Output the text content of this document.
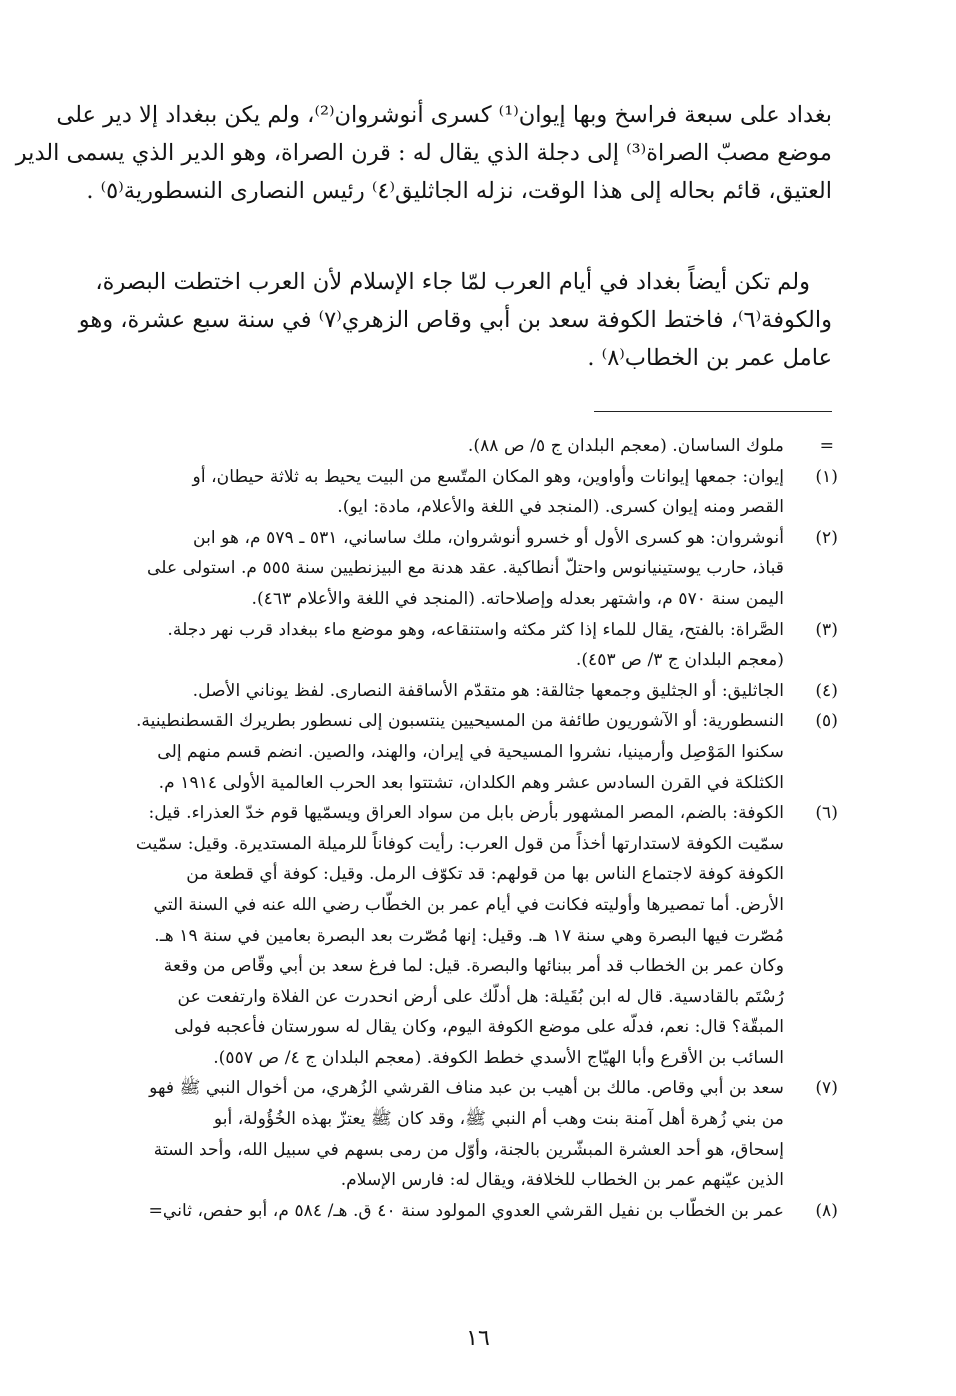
بغداد على سبعة فراسخ وبها إيوان⁽¹⁾ كسرى أنوشروان⁽²⁾، ولم يكن ببغداد إلا دير على
موضع مصبّ الصراة⁽³⁾ إلى دجلة الذي يقال له : قرن الصراة، وهو الدير الذي يسمى الدير
العتيق، قائم بحاله إلى هذا الوقت، نزله الجاثليق⁽٤⁾ رئيس النصارى النسطورية⁽٥⁾ .
ولم تكن أيضاً بغداد في أيام العرب لمّا جاء الإسلام لأن العرب اختطت البصرة،
والكوفة⁽٦⁾، فاختط الكوفة سعد بن أبي وقاص الزهري⁽٧⁾ في سنة سبع عشرة، وهو
عامل عمر بن الخطاب⁽٨⁾ .
=
ملوك الساسان. (معجم البلدان ج ٥/ ص ٨٨).
(١)
إيوان: جمعها إيوانات وأواوين، وهو المكان المتّسع من البيت يحيط به ثلاثة حيطان، أو
القصر ومنه إيوان كسرى. (المنجد في اللغة والأعلام، مادة: ايو).
(٢)
أنوشروان: هو كسرى الأول أو خسرو أنوشروان، ملك ساساني، ٥٣١ ـ ٥٧٩ م، هو ابن
قباذ، حارب يوستينيانوس واحتلّ أنطاكية. عقد هدنة مع البيزنطيين سنة ٥٥٥ م. استولى على
اليمن سنة ٥٧٠ م، واشتهر بعدله وإصلاحاته. (المنجد في اللغة والأعلام ٤٦٣).
(٣)
الصَّراة: بالفتح، يقال للماء إذا كثر مكثه واستنقاعه، وهو موضع ماء ببغداد قرب نهر دجلة.
(معجم البلدان ج ٣/ ص ٤٥٣).
(٤)
الجاثليق: أو الجثليق وجمعها جثالقة: هو متقدّم الأساقفة النصارى. لفظ يوناني الأصل.
(٥)
النسطورية: أو الآشوريون طائفة من المسيحيين ينتسبون إلى نسطور بطريرك القسطنطينية.
سكنوا المَوْصِل وأرمينيا، نشروا المسيحية في إيران، والهند، والصين. انضم قسم منهم إلى
الكثلكة في القرن السادس عشر وهم الكلدان، تشتتوا بعد الحرب العالمية الأولى ١٩١٤ م.
(٦)
الكوفة: بالضم، المصر المشهور بأرض بابل من سواد العراق ويسمّيها قوم خدّ العذراء. قيل:
سمّيت الكوفة لاستدارتها أخذاً من قول العرب: رأيت كوفاناً للرميلة المستديرة. وقيل: سمّيت
الكوفة كوفة لاجتماع الناس بها من قولهم: قد تكوّف الرمل. وقيل: كوفة أي قطعة من
الأرض. أما تمصيرها وأوليته فكانت في أيام عمر بن الخطّاب رضي الله عنه في السنة التي
مُصّرت فيها البصرة وهي سنة ١٧ هـ. وقيل: إنها مُصّرت بعد البصرة بعامين في سنة ١٩ هـ.
وكان عمر بن الخطاب قد أمر ببنائها والبصرة. قيل: لما فرغ سعد بن أبي وقّاص من وقعة
رُسْتَم بالقادسية. قال له ابن بُقَيلة: هل أدلّك على أرض انحدرت عن الفلاة وارتفعت عن
المبقّة؟ قال: نعم، فدلّه على موضع الكوفة اليوم، وكان يقال له سورستان فأعجبه فولى
السائب بن الأقرع وأبا الهيّاج الأسدي خطط الكوفة. (معجم البلدان ج ٤/ ص ٥٥٧).
(٧)
سعد بن أبي وقاص. مالك بن أهيب بن عبد مناف القرشي الزُهري، من أخوال النبي ﷺ فهو
من بني زُهرة أهل آمنة بنت وهب أم النبي ﷺ، وقد كان ﷺ يعتزّ بهذه الخُؤُولة، أبو
إسحاق، هو أحد العشرة المبشّرين بالجنة، وأوّل من رمى بسهم في سبيل الله، وأحد الستة
الذين عيّنهم عمر بن الخطاب للخلافة، ويقال له: فارس الإسلام.
(٨)
عمر بن الخطّاب بن نفيل القرشي العدوي المولود سنة ٤٠ ق. هـ/ ٥٨٤ م، أبو حفص، ثاني=
١٦
